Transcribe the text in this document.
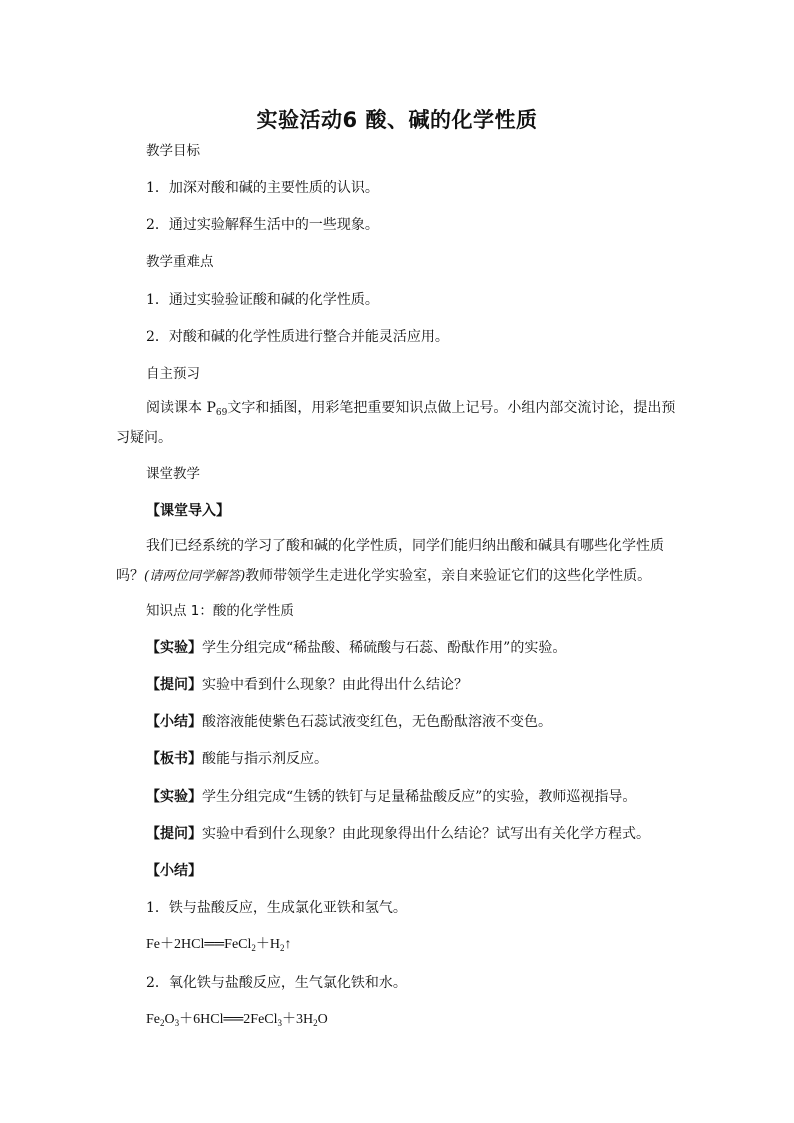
实验活动6 酸、碱的化学性质
教学目标
1．加深对酸和碱的主要性质的认识。
2．通过实验解释生活中的一些现象。
教学重难点
1．通过实验验证酸和碱的化学性质。
2．对酸和碱的化学性质进行整合并能灵活应用。
自主预习
阅读课本 $P_{69}$文字和插图，用彩笔把重要知识点做上记号。小组内部交流讨论，提出预习疑问。
课堂教学
【课堂导入】
我们已经系统的学习了酸和碱的化学性质，同学们能归纳出酸和碱具有哪些化学性质吗？(请两位同学解答)教师带领学生走进化学实验室，亲自来验证它们的这些化学性质。
知识点 1：酸的化学性质
【实验】学生分组完成“稀盐酸、稀硫酸与石蕊、酚酞作用”的实验。
【提问】实验中看到什么现象？由此得出什么结论？
【小结】酸溶液能使紫色石蕊试液变红色，无色酚酞溶液不变色。
【板书】酸能与指示剂反应。
【实验】学生分组完成“生锈的铁钉与足量稀盐酸反应”的实验，教师巡视指导。
【提问】实验中看到什么现象？由此现象得出什么结论？试写出有关化学方程式。
【小结】
1．铁与盐酸反应，生成氯化亚铁和氢气。
$Fe+2HCl══FeCl_2+H_2↑$
2．氧化铁与盐酸反应，生气氯化铁和水。
$Fe_2O_3+6HCl══2FeCl_3+3H_2O$
